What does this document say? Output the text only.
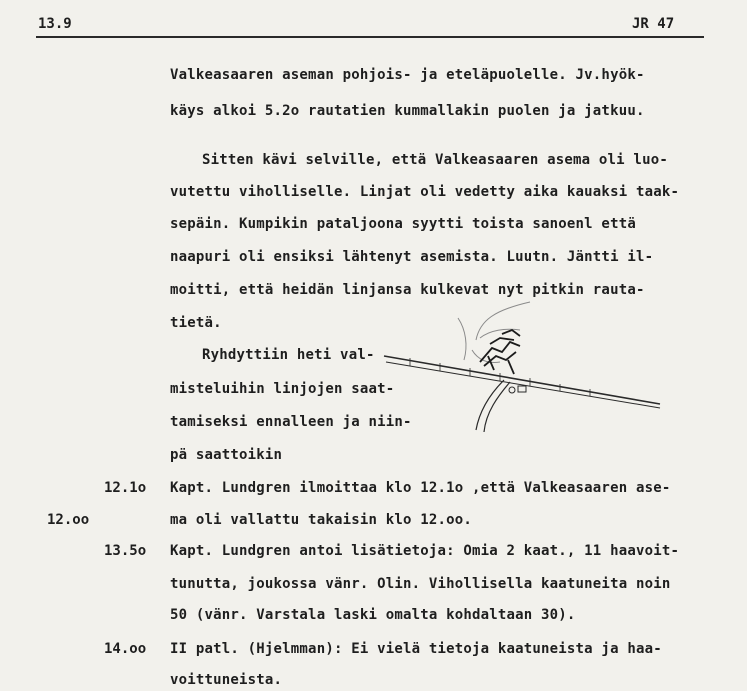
13.9	JR 47
Valkeasaaren aseman pohjois- ja eteläpuolelle. Jv.hyök-
käys alkoi 5.2o rautatien kummallakin puolen ja jatkuu.
Sitten kävi selville, että Valkeasaaren asema oli luo-
vutettu viholliselle. Linjat oli vedetty aika kauaksi taak-
sepäin. Kumpikin pataljoona syytti toista sanoenl että
naapuri oli ensiksi lähtenyt asemista. Luutn. Jäntti il-
moitti, että heidän linjansa kulkevat nyt pitkin rauta-
tietä.
Ryhdyttiin heti val-
misteluihin linjojen saat-
tamiseksi ennalleen ja niin-
pä saattoikin
12.1o Kapt. Lundgren ilmoittaa klo 12.1o ,että Valkeasaaren ase-
12.oo	ma oli vallattu takaisin klo 12.oo.
13.5o Kapt. Lundgren antoi lisätietoja: Omia 2 kaat., 11 haavoit-
tunutta, joukossa vänr. Olin. Vihollisella kaatuneita noin
50 (vänr. Varstala laski omalta kohdaltaan 30).
14.oo II patl. (Hjelmman): Ei vielä tietoja kaatuneista ja haa-
voittuneista.
